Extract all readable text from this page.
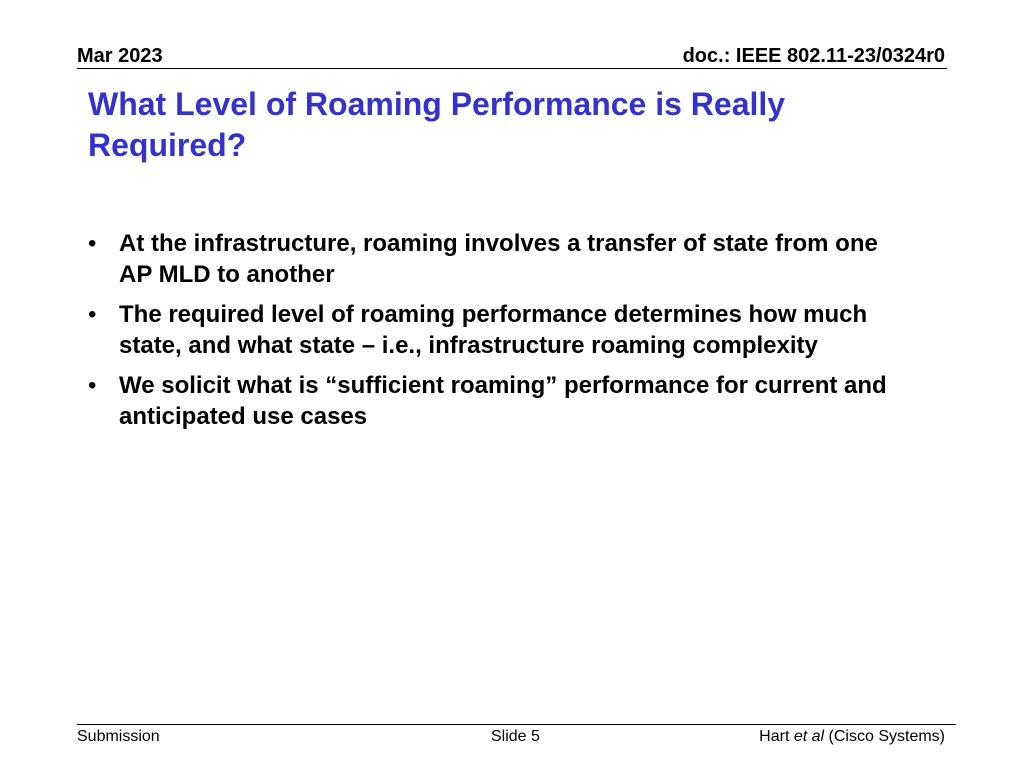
Mar 2023	doc.: IEEE 802.11-23/0324r0
What Level of Roaming Performance is Really Required?
• At the infrastructure, roaming involves a transfer of state from one AP MLD to another
• The required level of roaming performance determines how much state, and what state – i.e., infrastructure roaming complexity
• We solicit what is “sufficient roaming” performance for current and anticipated use cases
Submission	Slide 5	Hart et al (Cisco Systems)
